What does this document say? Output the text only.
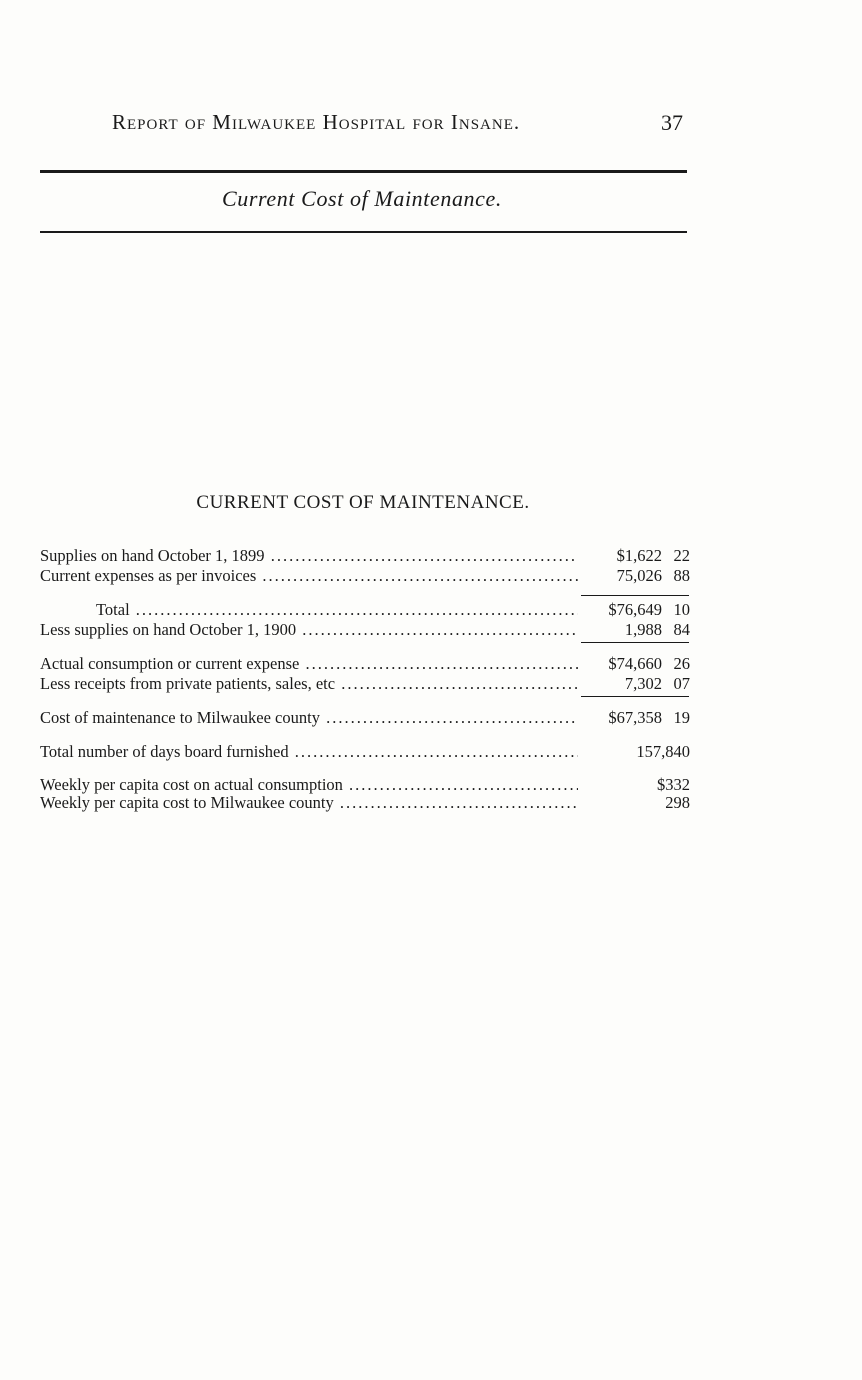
Report of Milwaukee Hospital for Insane.	37
Current Cost of Maintenance.
CURRENT COST OF MAINTENANCE.
Supplies on hand October 1, 1899 .....	$1,622 22
Current expenses as per invoices .....	75,026 88
Total .....	$76,649 10
Less supplies on hand October 1, 1900 .....	1,988 84
Actual consumption or current expense .....	$74,660 26
Less receipts from private patients, sales, etc .....	7,302 07
Cost of maintenance to Milwaukee county .....	$67,358 19
Total number of days board furnished .....	157,840
Weekly per capita cost on actual consumption .....	$332
Weekly per capita cost to Milwaukee county .....	298
